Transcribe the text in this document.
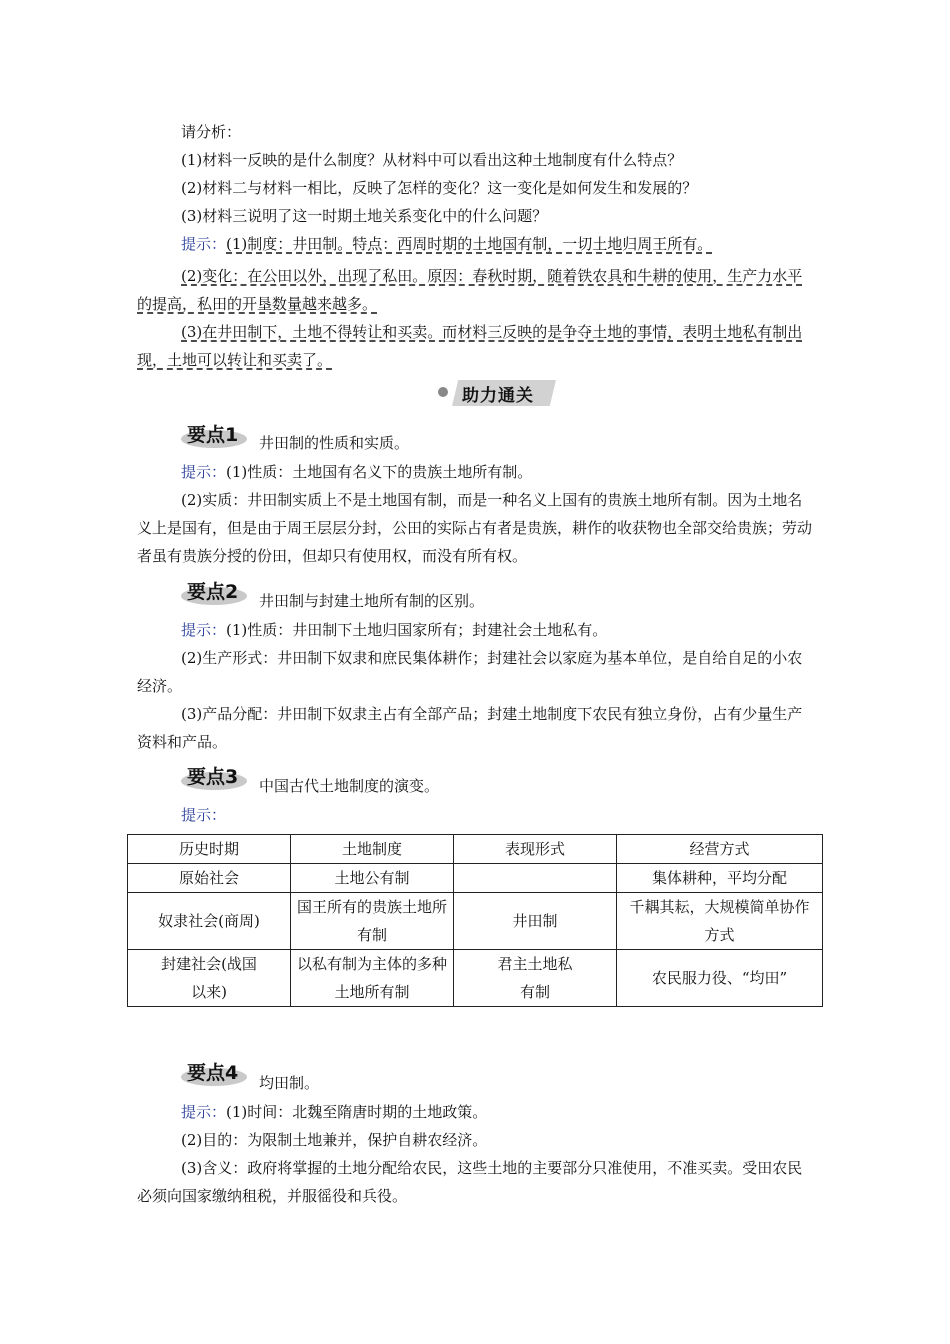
请分析：
(1)材料一反映的是什么制度？从材料中可以看出这种土地制度有什么特点？
(2)材料二与材料一相比，反映了怎样的变化？这一变化是如何发生和发展的？
(3)材料三说明了这一时期土地关系变化中的什么问题？
提示：(1)制度：井田制。特点：西周时期的土地国有制，一切土地归周王所有。
(2)变化：在公田以外，出现了私田。原因：春秋时期，随着铁农具和牛耕的使用，生产力水平的提高，私田的开垦数量越来越多。
(3)在井田制下，土地不得转让和买卖。而材料三反映的是争夺土地的事情，表明土地私有制出现，土地可以转让和买卖了。
助力通关
要点1 井田制的性质和实质。
提示：(1)性质：土地国有名义下的贵族土地所有制。
(2)实质：井田制实质上不是土地国有制，而是一种名义上国有的贵族土地所有制。因为土地名义上是国有，但是由于周王层层分封，公田的实际占有者是贵族，耕作的收获物也全部交给贵族；劳动者虽有贵族分授的份田，但却只有使用权，而没有所有权。
要点2 井田制与封建土地所有制的区别。
提示：(1)性质：井田制下土地归国家所有；封建社会土地私有。
(2)生产形式：井田制下奴隶和庶民集体耕作；封建社会以家庭为基本单位，是自给自足的小农经济。
(3)产品分配：井田制下奴隶主占有全部产品；封建土地制度下农民有独立身份，占有少量生产资料和产品。
要点3 中国古代土地制度的演变。
提示：
历史时期	土地制度	表现形式	经营方式
原始社会	土地公有制		集体耕种，平均分配
奴隶社会(商周)	国王所有的贵族土地所有制	井田制	千耦其耘，大规模简单协作方式
封建社会(战国以来)	以私有制为主体的多种土地所有制	君主土地私有制	农民服力役、“均田”
要点4 均田制。
提示：(1)时间：北魏至隋唐时期的土地政策。
(2)目的：为限制土地兼并，保护自耕农经济。
(3)含义：政府将掌握的土地分配给农民，这些土地的主要部分只准使用，不准买卖。受田农民必须向国家缴纳租税，并服徭役和兵役。
